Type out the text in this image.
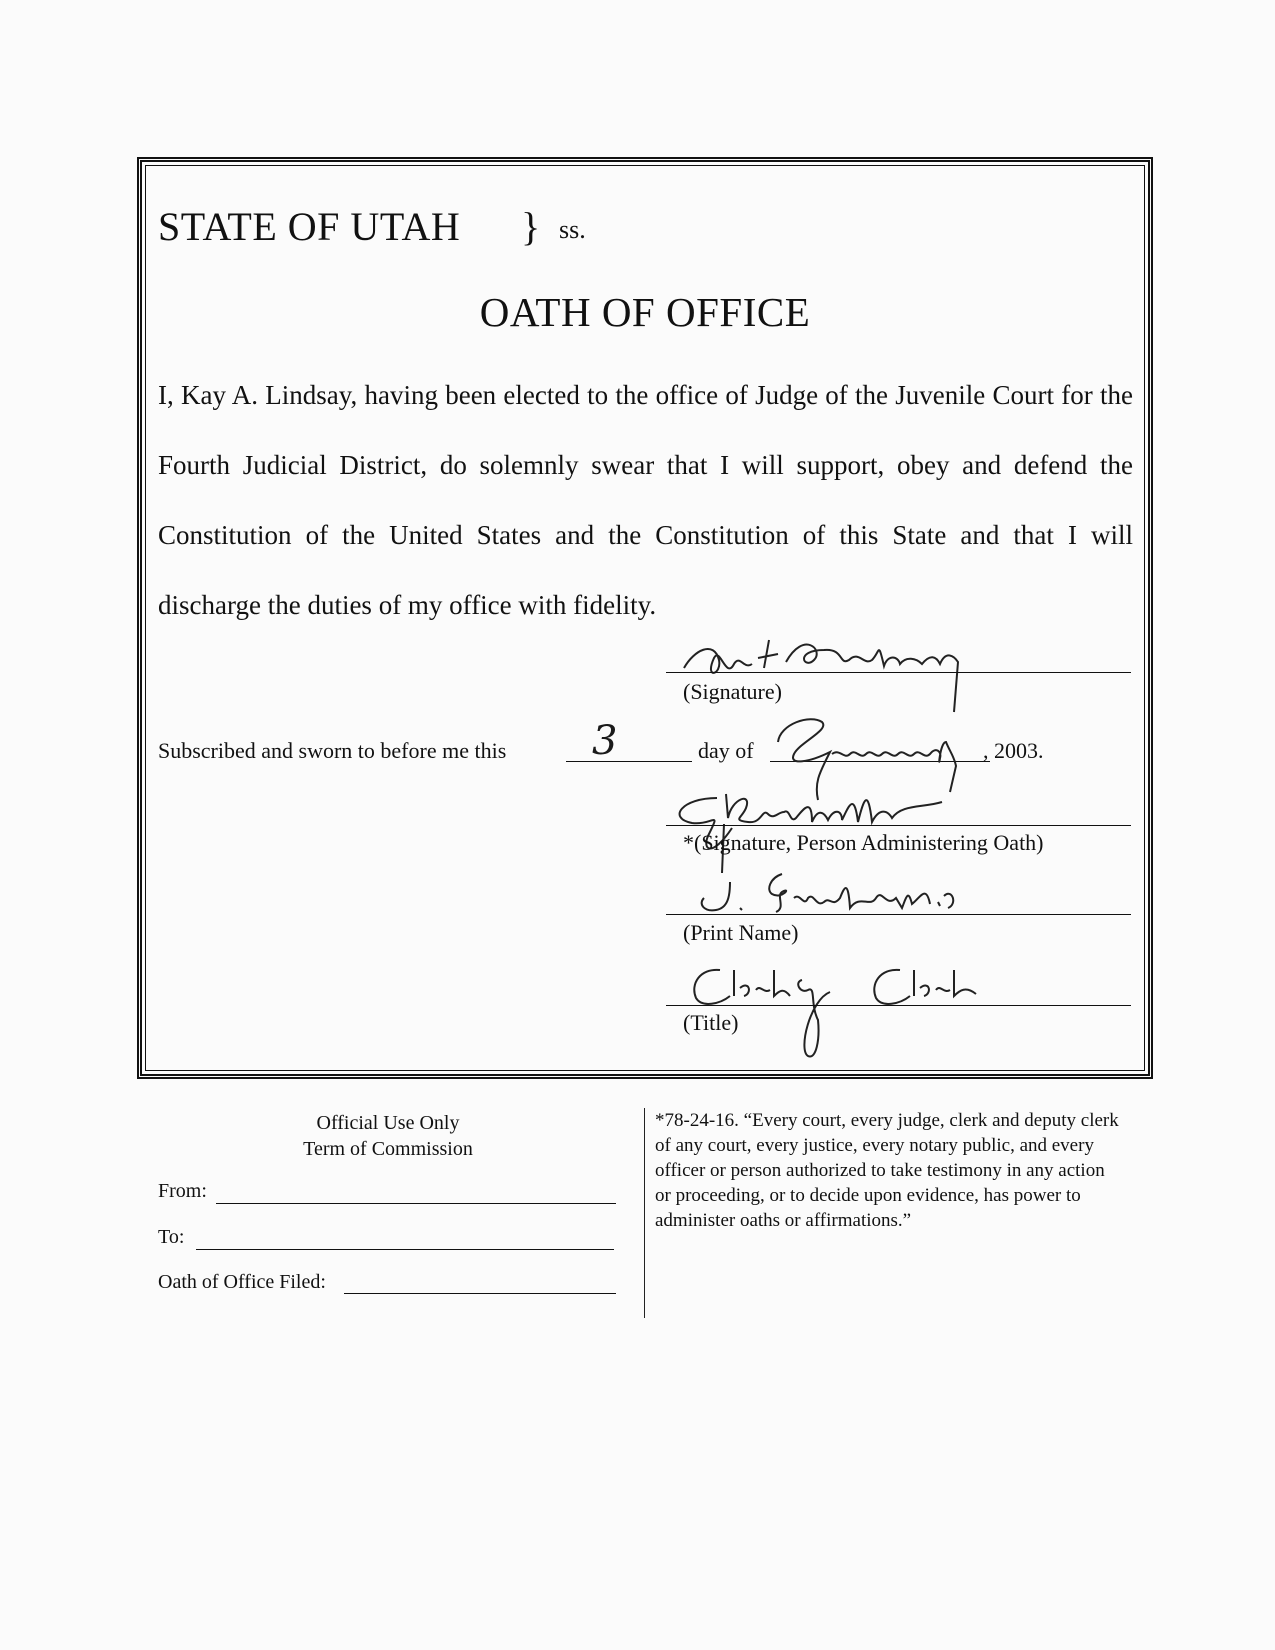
STATE OF UTAH } ss.
OATH OF OFFICE
I, Kay A. Lindsay, having been elected to the office of Judge of the Juvenile Court for the Fourth Judicial District, do solemnly swear that I will support, obey and defend the Constitution of the United States and the Constitution of this State and that I will discharge the duties of my office with fidelity.
(Signature)
Subscribed and sworn to before me this 3	day of	, 2003.
*(Signature, Person Administering Oath)
(Print Name)
(Title)
Official Use Only
Term of Commission
From:
To:
Oath of Office Filed:
*78-24-16. “Every court, every judge, clerk and deputy clerk of any court, every justice, every notary public, and every officer or person authorized to take testimony in any action or proceeding, or to decide upon evidence, has power to administer oaths or affirmations.”
